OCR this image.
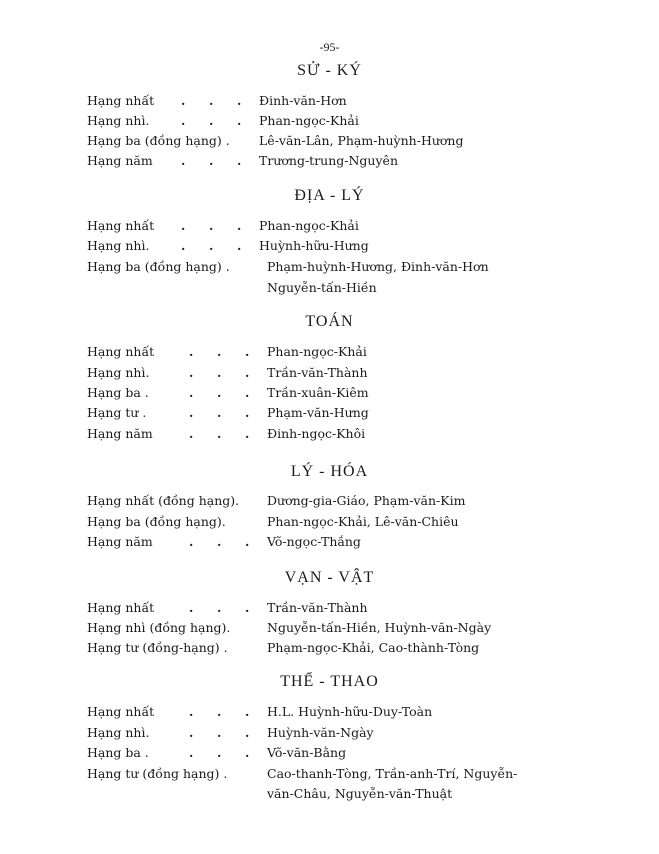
-95-
SỬ - KÝ
Hạng nhất . . . Đinh-văn-Hơn
Hạng nhì.	. . . Phan-ngọc-Khải
Hạng ba (đồng hạng) . Lê-văn-Lân, Phạm-huỳnh-Hương
Hạng năm . . . Trương-trung-Nguyên
ĐỊA - LÝ
Hạng nhất . . . Phan-ngọc-Khải
Hạng nhì.	. . . Huỳnh-hữu-Hưng
Hạng ba (đồng hạng) .	Phạm-huỳnh-Hương, Đinh-văn-Hơn
Nguyễn-tấn-Hiền
TOÁN
Hạng nhất	. . . Phan-ngọc-Khải
Hạng nhì.	. . . Trần-văn-Thành
Hạng ba .	. . . Trần-xuân-Kiêm
Hạng tư .	. . . Phạm-văn-Hưng
Hạng năm	. . . Đinh-ngọc-Khôi
LÝ - HÓA
Hạng nhất (đồng hạng). Dương-gia-Giáo, Phạm-văn-Kim
Hạng ba (đồng hạng).	Phan-ngọc-Khải, Lê-văn-Chiêu
Hạng năm	. . . Võ-ngọc-Thắng
VẠN - VẬT
Hạng nhất	. . . Trần-văn-Thành
Hạng nhì (đồng hạng).	Nguyễn-tấn-Hiền, Huỳnh-văn-Ngày
Hạng tư (đồng-hạng) .	Phạm-ngọc-Khải, Cao-thành-Tòng
THỂ - THAO
Hạng nhất	. . . H.L. Huỳnh-hữu-Duy-Toàn
Hạng nhì.	. . . Huỳnh-văn-Ngày
Hạng ba .	. . . Võ-văn-Bằng
Hạng tư (đồng hạng) .	Cao-thanh-Tòng, Trần-anh-Trí, Nguyễn-
văn-Châu, Nguyễn-văn-Thuật
